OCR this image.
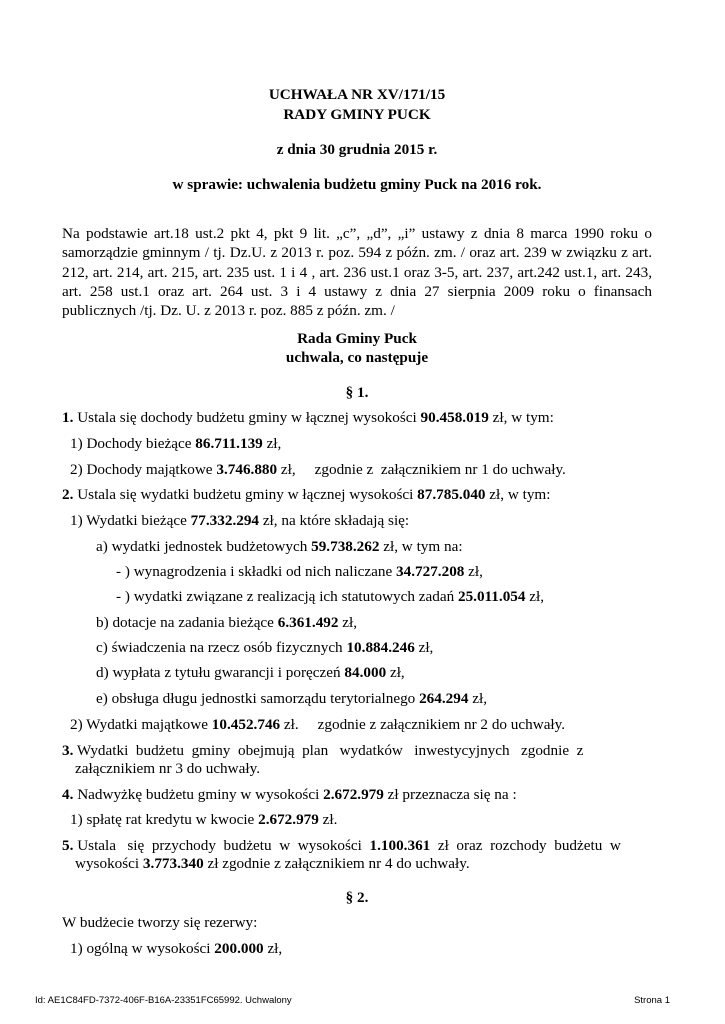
UCHWAŁA NR XV/171/15
RADY GMINY PUCK
z dnia 30 grudnia 2015 r.
w sprawie: uchwalenia budżetu gminy Puck na 2016 rok.
Na podstawie art.18 ust.2 pkt 4, pkt 9 lit. „c”, „d”, „i” ustawy z dnia 8 marca 1990 roku o samorządzie gminnym / tj. Dz.U. z 2013 r. poz. 594 z późn. zm. / oraz art. 239 w związku z art. 212, art. 214, art. 215, art. 235 ust. 1 i 4 , art. 236 ust.1 oraz 3-5, art. 237, art.242 ust.1, art. 243, art. 258 ust.1 oraz art. 264 ust. 3 i 4 ustawy z dnia 27 sierpnia 2009 roku o finansach publicznych /tj. Dz. U. z 2013 r. poz. 885 z późn. zm. /
Rada Gminy Puck
uchwala, co następuje
§ 1.
1. Ustala się dochody budżetu gminy w łącznej wysokości 90.458.019 zł, w tym:
1) Dochody bieżące 86.711.139 zł,
2) Dochody majątkowe 3.746.880 zł,     zgodnie z  załącznikiem nr 1 do uchwały.
2. Ustala się wydatki budżetu gminy w łącznej wysokości 87.785.040 zł, w tym:
1) Wydatki bieżące 77.332.294 zł, na które składają się:
a) wydatki jednostek budżetowych 59.738.262 zł, w tym na:
- ) wynagrodzenia i składki od nich naliczane 34.727.208 zł,
- ) wydatki związane z realizacją ich statutowych zadań 25.011.054 zł,
b) dotacje na zadania bieżące 6.361.492 zł,
c) świadczenia na rzecz osób fizycznych 10.884.246 zł,
d) wypłata z tytułu gwarancji i poręczeń 84.000 zł,
e) obsługa długu jednostki samorządu terytorialnego 264.294 zł,
2) Wydatki majątkowe 10.452.746 zł.     zgodnie z załącznikiem nr 2 do uchwały.
3. Wydatki  budżetu  gminy  obejmują  plan   wydatków   inwestycyjnych   zgodnie  z
załącznikiem nr 3 do uchwały.
4. Nadwyżkę budżetu gminy w wysokości 2.672.979 zł przeznacza się na :
1) spłatę rat kredytu w kwocie 2.672.979 zł.
5. Ustala   się  przychody  budżetu  w  wysokości  1.100.361  zł  oraz  rozchody  budżetu  w
wysokości 3.773.340 zł zgodnie z załącznikiem nr 4 do uchwały.
§ 2.
W budżecie tworzy się rezerwy:
1) ogólną w wysokości 200.000 zł,
Id: AE1C84FD-7372-406F-B16A-23351FC65992. Uchwalony	Strona 1
